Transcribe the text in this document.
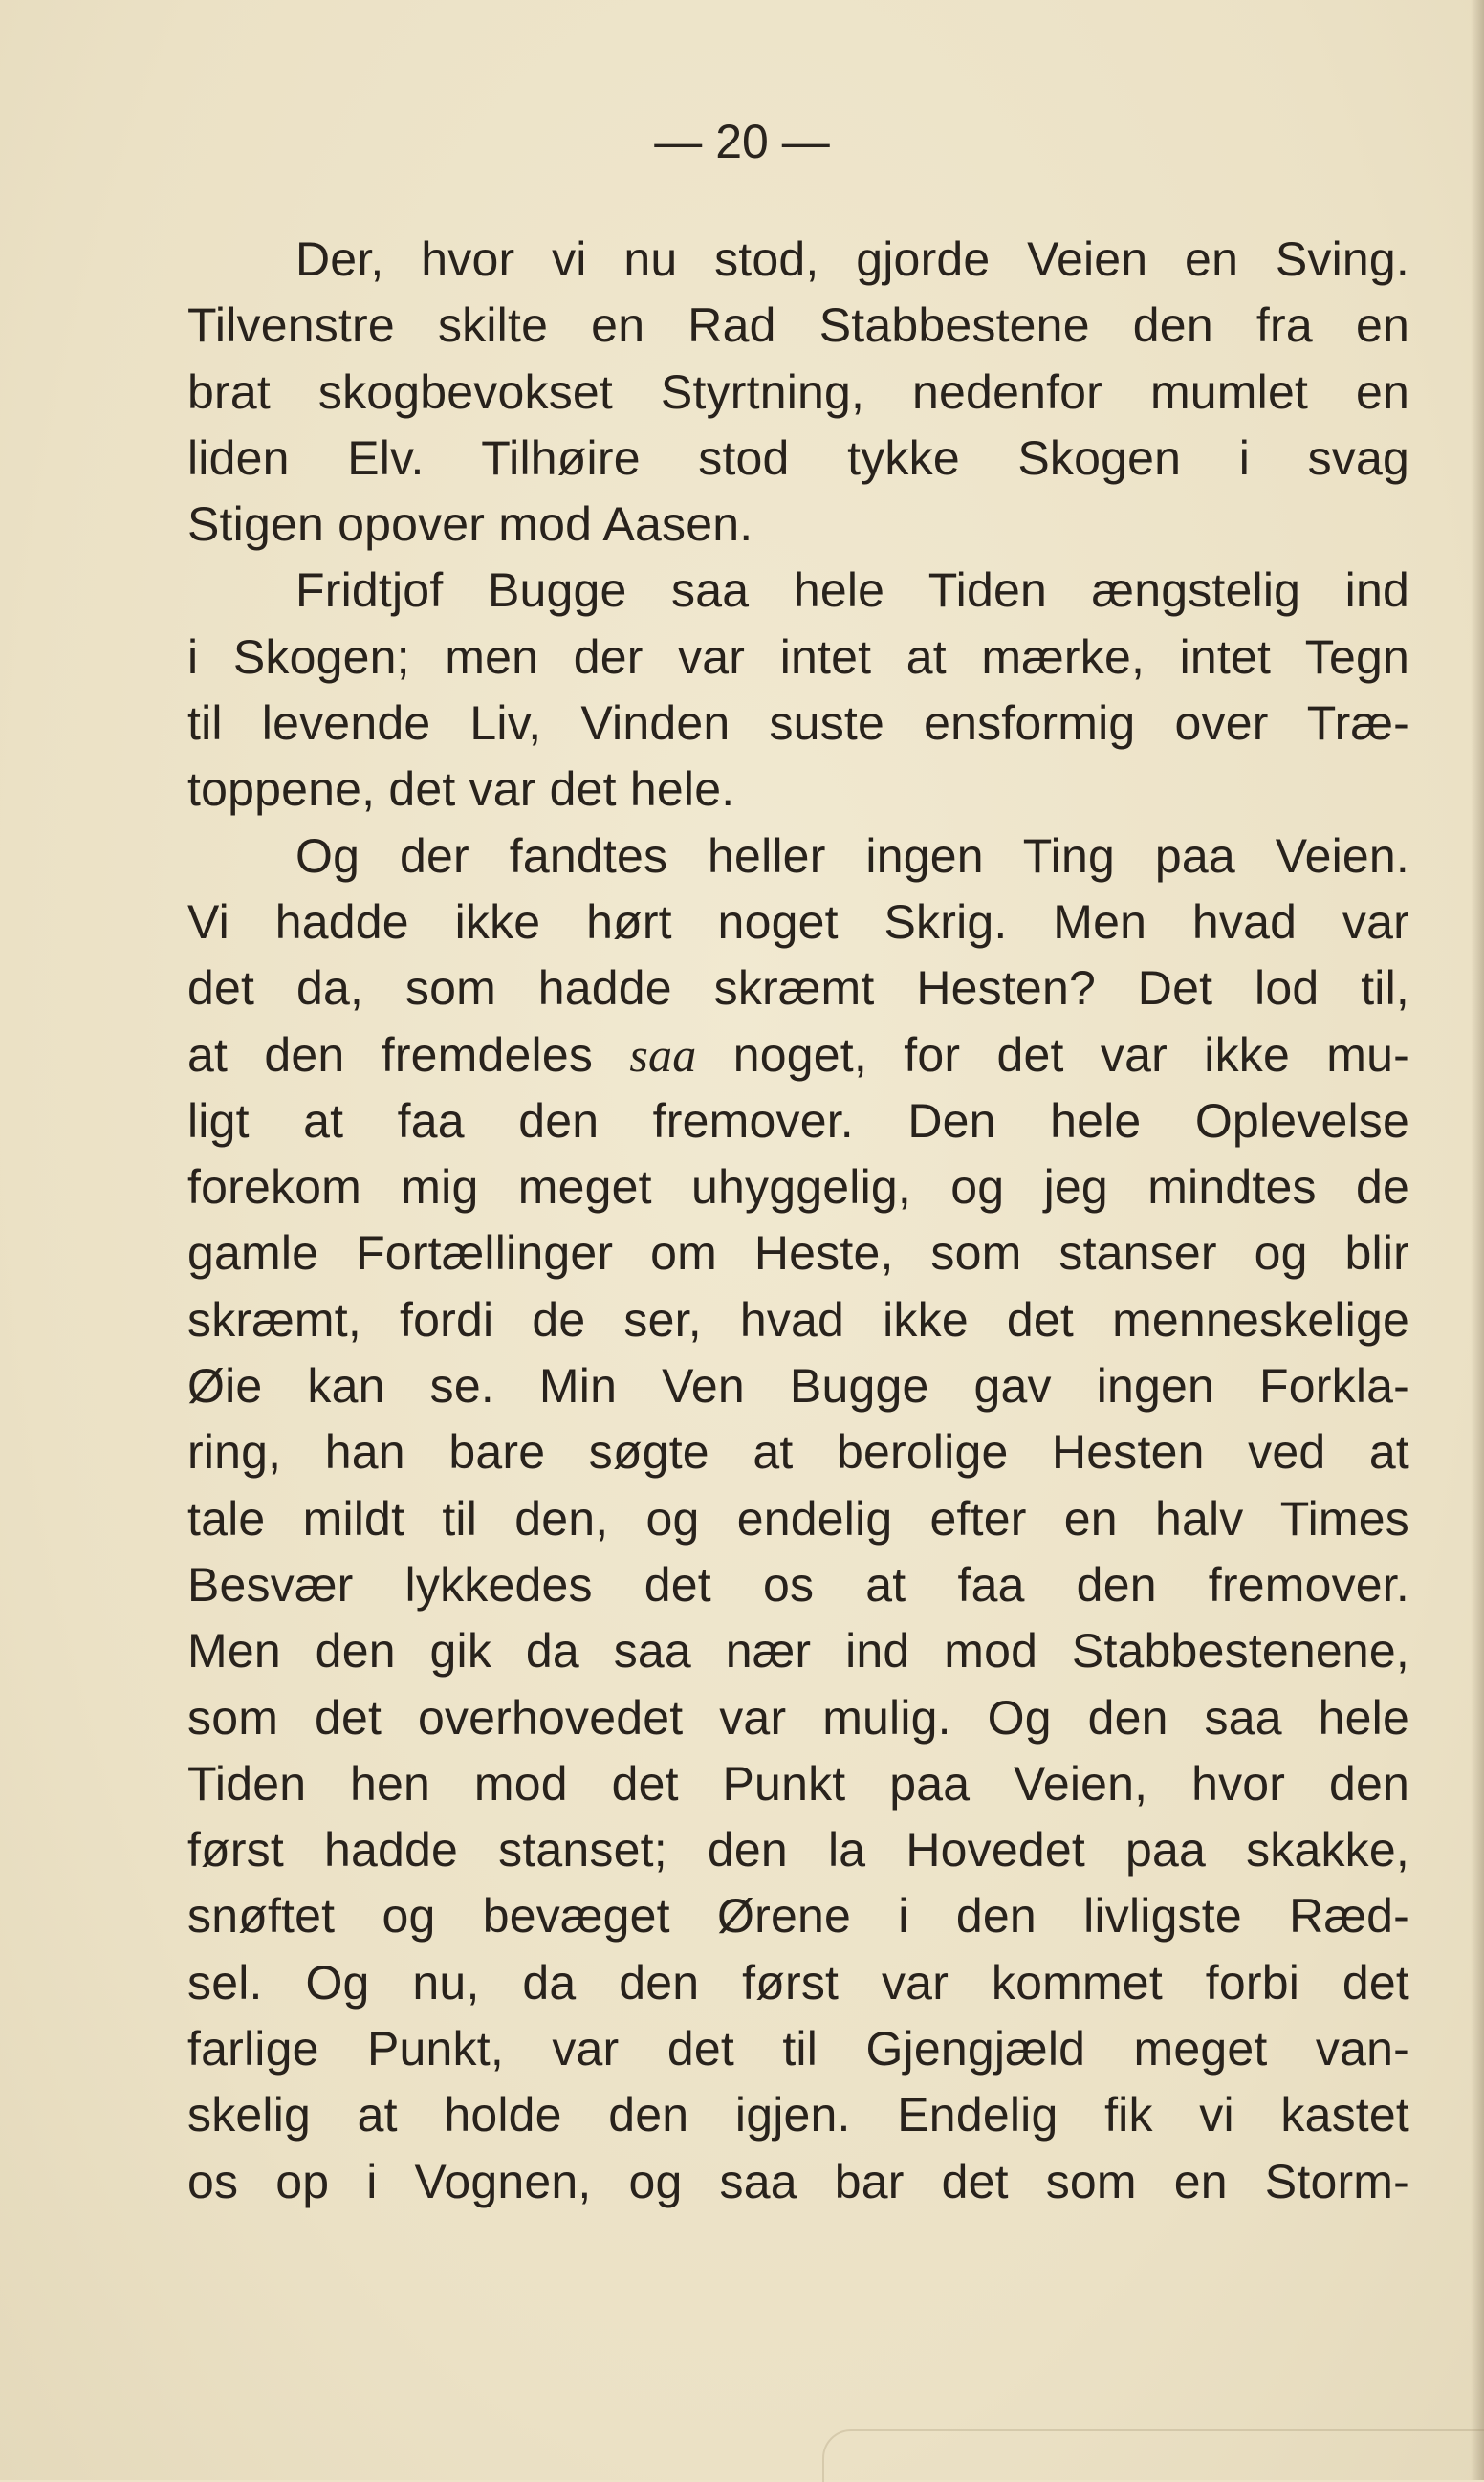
— 20 —
Der, hvor vi nu stod, gjorde Veien en Sving.
Tilvenstre skilte en Rad Stabbestene den fra en
brat skogbevokset Styrtning, nedenfor mumlet en
liden Elv. Tilhøire stod tykke Skogen i svag
Stigen opover mod Aasen.
Fridtjof Bugge saa hele Tiden ængstelig ind
i Skogen; men der var intet at mærke, intet Tegn
til levende Liv, Vinden suste ensformig over Træ-
toppene, det var det hele.
Og der fandtes heller ingen Ting paa Veien.
Vi hadde ikke hørt noget Skrig. Men hvad var
det da, som hadde skræmt Hesten? Det lod til,
at den fremdeles saa noget, for det var ikke mu-
ligt at faa den fremover. Den hele Oplevelse
forekom mig meget uhyggelig, og jeg mindtes de
gamle Fortællinger om Heste, som stanser og blir
skræmt, fordi de ser, hvad ikke det menneskelige
Øie kan se. Min Ven Bugge gav ingen Forkla-
ring, han bare søgte at berolige Hesten ved at
tale mildt til den, og endelig efter en halv Times
Besvær lykkedes det os at faa den fremover.
Men den gik da saa nær ind mod Stabbestenene,
som det overhovedet var mulig. Og den saa hele
Tiden hen mod det Punkt paa Veien, hvor den
først hadde stanset; den la Hovedet paa skakke,
snøftet og bevæget Ørene i den livligste Ræd-
sel. Og nu, da den først var kommet forbi det
farlige Punkt, var det til Gjengjæld meget van-
skelig at holde den igjen. Endelig fik vi kastet
os op i Vognen, og saa bar det som en Storm-
